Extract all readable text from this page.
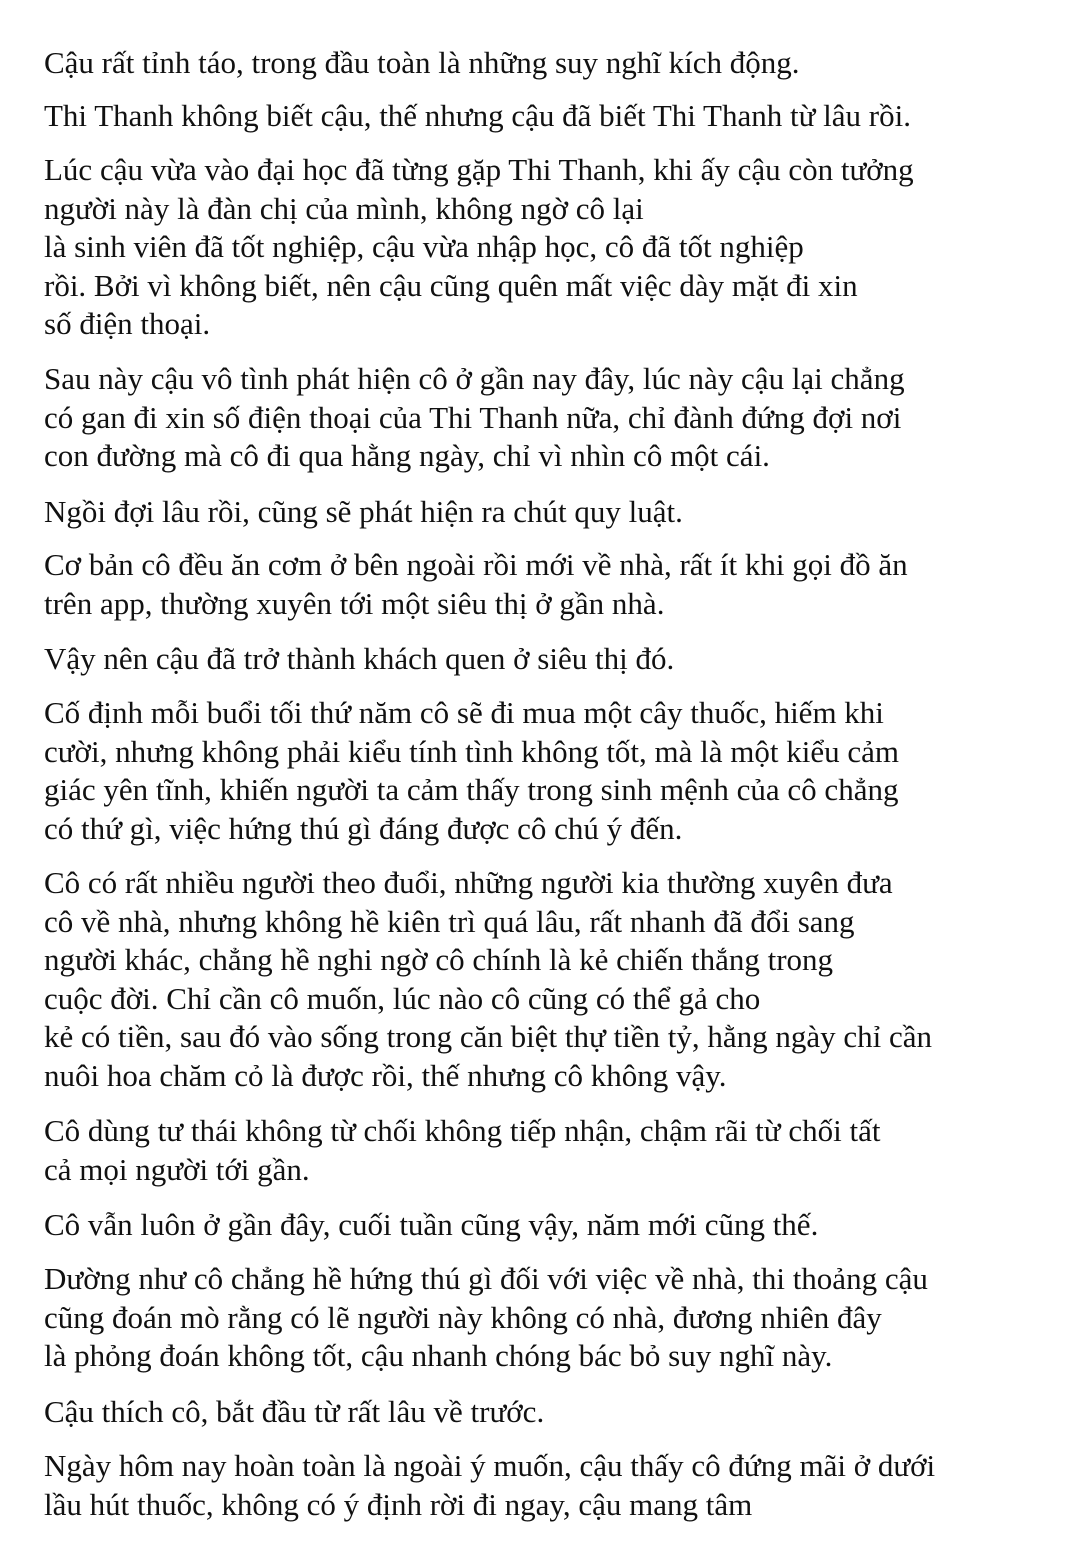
Cậu rất tỉnh táo, trong đầu toàn là những suy nghĩ kích động.
Thi Thanh không biết cậu, thế nhưng cậu đã biết Thi Thanh từ lâu rồi.
Lúc cậu vừa vào đại học đã từng gặp Thi Thanh, khi ấy cậu còn tưởng
người này là đàn chị của mình, không ngờ cô lại
là sinh viên đã tốt nghiệp, cậu vừa nhập học, cô đã tốt nghiệp
rồi. Bởi vì không biết, nên cậu cũng quên mất việc dày mặt đi xin
số điện thoại.
Sau này cậu vô tình phát hiện cô ở gần nay đây, lúc này cậu lại chẳng
có gan đi xin số điện thoại của Thi Thanh nữa, chỉ đành đứng đợi nơi
con đường mà cô đi qua hằng ngày, chỉ vì nhìn cô một cái.
Ngồi đợi lâu rồi, cũng sẽ phát hiện ra chút quy luật.
Cơ bản cô đều ăn cơm ở bên ngoài rồi mới về nhà, rất ít khi gọi đồ ăn
trên app, thường xuyên tới một siêu thị ở gần nhà.
Vậy nên cậu đã trở thành khách quen ở siêu thị đó.
Cố định mỗi buổi tối thứ năm cô sẽ đi mua một cây thuốc, hiếm khi
cười, nhưng không phải kiểu tính tình không tốt, mà là một kiểu cảm
giác yên tĩnh, khiến người ta cảm thấy trong sinh mệnh của cô chẳng
có thứ gì, việc hứng thú gì đáng được cô chú ý đến.
Cô có rất nhiều người theo đuổi, những người kia thường xuyên đưa
cô về nhà, nhưng không hề kiên trì quá lâu, rất nhanh đã đổi sang
người khác, chẳng hề nghi ngờ cô chính là kẻ chiến thắng trong
cuộc đời. Chỉ cần cô muốn, lúc nào cô cũng có thể gả cho
kẻ có tiền, sau đó vào sống trong căn biệt thự tiền tỷ, hằng ngày chỉ cần
nuôi hoa chăm cỏ là được rồi, thế nhưng cô không vậy.
Cô dùng tư thái không từ chối không tiếp nhận, chậm rãi từ chối tất
cả mọi người tới gần.
Cô vẫn luôn ở gần đây, cuối tuần cũng vậy, năm mới cũng thế.
Dường như cô chẳng hề hứng thú gì đối với việc về nhà, thi thoảng cậu
cũng đoán mò rằng có lẽ người này không có nhà, đương nhiên đây
là phỏng đoán không tốt, cậu nhanh chóng bác bỏ suy nghĩ này.
Cậu thích cô, bắt đầu từ rất lâu về trước.
Ngày hôm nay hoàn toàn là ngoài ý muốn, cậu thấy cô đứng mãi ở dưới
lầu hút thuốc, không có ý định rời đi ngay, cậu mang tâm
